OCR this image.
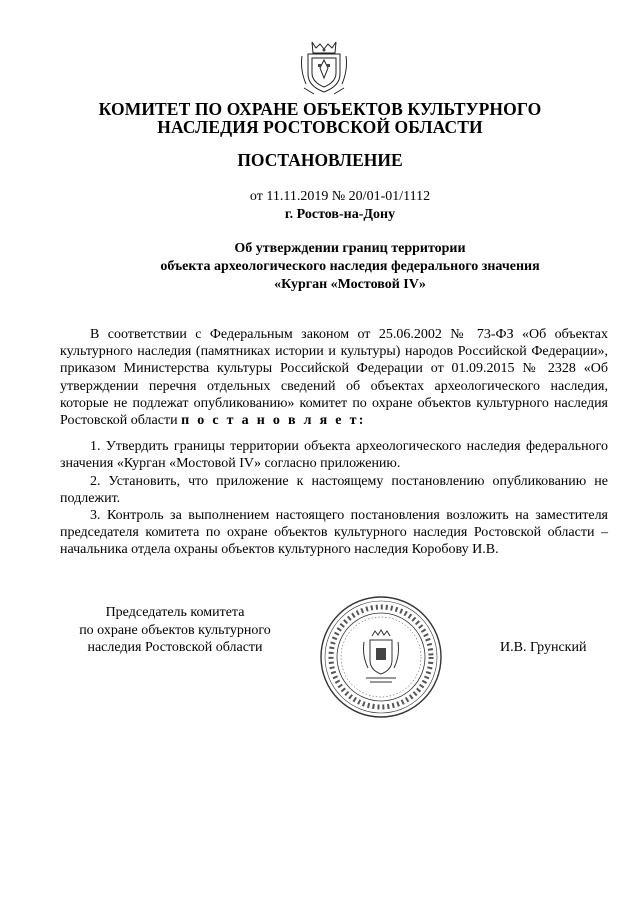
КОМИТЕТ ПО ОХРАНЕ ОБЪЕКТОВ КУЛЬТУРНОГО
НАСЛЕДИЯ РОСТОВСКОЙ ОБЛАСТИ
ПОСТАНОВЛЕНИЕ
от 11.11.2019 № 20/01-01/1112
г. Ростов-на-Дону
Об утверждении границ территории
объекта археологического наследия федерального значения
«Курган «Мостовой IV»

В соответствии с Федеральным законом от 25.06.2002 № 73-ФЗ «Об объектах культурного наследия (памятниках истории и культуры) народов Российской Федерации», приказом Министерства культуры Российской Федерации от 01.09.2015 № 2328 «Об утверждении перечня отдельных сведений об объектах археологического наследия, которые не подлежат опубликованию» комитет по охране объектов культурного наследия Ростовской области п о с т а н о в л я е т:

1. Утвердить границы территории объекта археологического наследия федерального значения «Курган «Мостовой IV» согласно приложению.

2. Установить, что приложение к настоящему постановлению опубликованию не подлежит.

3. Контроль за выполнением настоящего постановления возложить на заместителя председателя комитета по охране объектов культурного наследия Ростовской области – начальника отдела охраны объектов культурного наследия Коробову И.В.

Председатель комитета
по охране объектов культурного
наследия Ростовской области	И.В. Грунский
